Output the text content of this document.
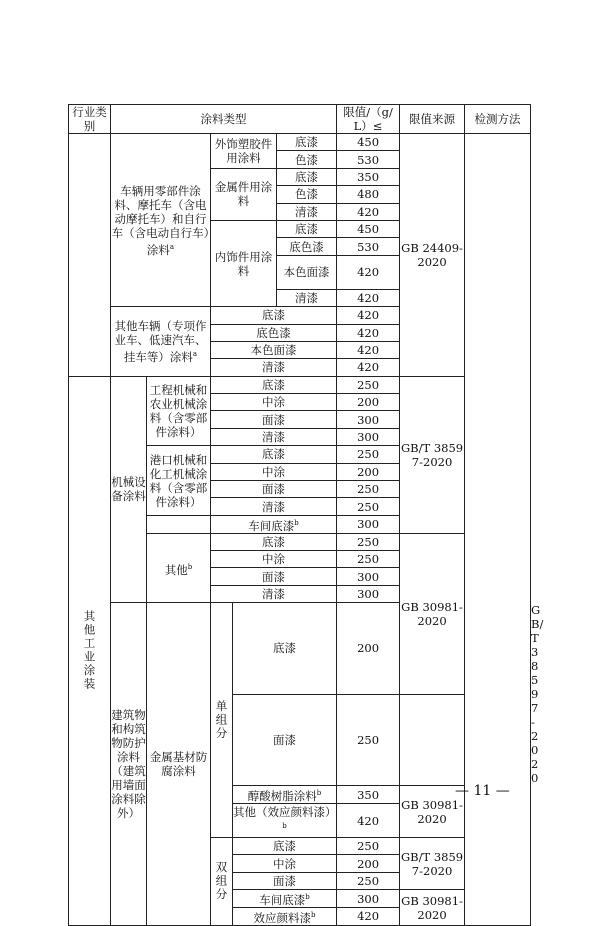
行业类别	涂料类型					限值/（g/L）≤	限值来源	检测方法	
	车辆用零部件涂料、摩托车（含电动摩托车）和自行车（含电动自行车）涂料$^a$		外饰塑胶件用涂料		底漆	450	GB 24409-2020		
					色漆	530			
			金属件用涂料		底漆	350			
					色漆	480			
					清漆	420			
			内饰件用涂料		底漆	450			
					底色漆	530			
					本色面漆	420			
					清漆	420			
	其他车辆（专项作业车、低速汽车、挂车等）涂料$^a$		底漆			420			
			底色漆			420			
			本色面漆			420			
			清漆			420			

其他工业涂装	机械设备涂料	工程机械和农业机械涂料（含零部件涂料）	底漆			250	GB/T 38597-2020		
			中涂			200			
			面漆			300			
			清漆			300			
		港口机械和化工机械涂料（含零部件涂料）	底漆			250			
			中涂			200			
			面漆			250			
			清漆			250			
			车间底漆$^b$			300			
		其他$^b$	底漆			250	GB 30981-2020		
			中涂			250			
			面漆			300			
			清漆			300			
	建筑物和构筑物防护涂料（建筑用墙面涂料除外）	金属基材防腐涂料	单组分	底漆		200			GB/T 38597-2020
				面漆		250			
				醇酸树脂涂料$^b$		350	GB 30981-2020		
				其他（效应颜料漆）$^b$		420			

			双组分	底漆		250	GB/T 38597-2020		
				中涂		200			
				面漆		250			
				车间底漆$^b$		300	GB 30981-2020		
				效应颜料漆$^b$		420			
— 11 —
